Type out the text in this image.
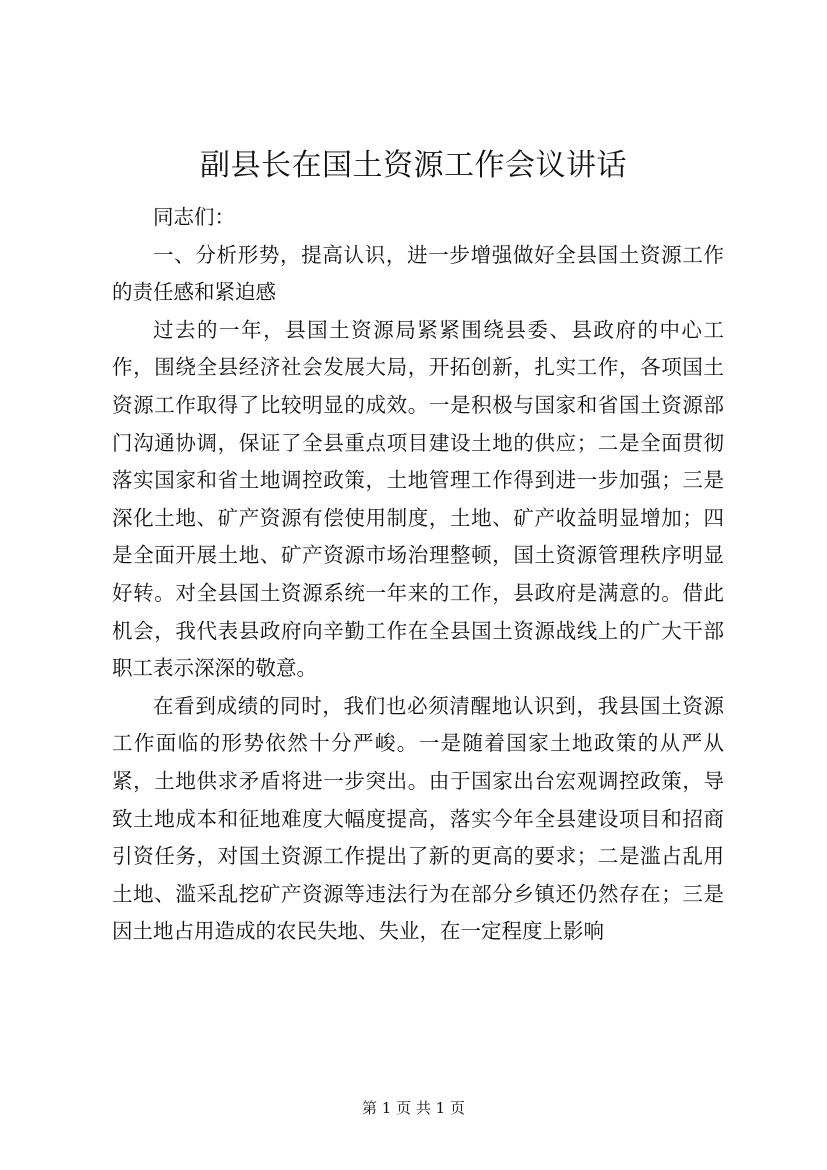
副县长在国土资源工作会议讲话

同志们：

一、分析形势，提高认识，进一步增强做好全县国土资源工作的责任感和紧迫感

过去的一年，县国土资源局紧紧围绕县委、县政府的中心工作，围绕全县经济社会发展大局，开拓创新，扎实工作，各项国土资源工作取得了比较明显的成效。一是积极与国家和省国土资源部门沟通协调，保证了全县重点项目建设土地的供应；二是全面贯彻落实国家和省土地调控政策，土地管理工作得到进一步加强；三是深化土地、矿产资源有偿使用制度，土地、矿产收益明显增加；四是全面开展土地、矿产资源市场治理整顿，国土资源管理秩序明显好转。对全县国土资源系统一年来的工作，县政府是满意的。借此机会，我代表县政府向辛勤工作在全县国土资源战线上的广大干部职工表示深深的敬意。

在看到成绩的同时，我们也必须清醒地认识到，我县国土资源工作面临的形势依然十分严峻。一是随着国家土地政策的从严从紧，土地供求矛盾将进一步突出。由于国家出台宏观调控政策，导致土地成本和征地难度大幅度提高，落实今年全县建设项目和招商引资任务，对国土资源工作提出了新的更高的要求；二是滥占乱用土地、滥采乱挖矿产资源等违法行为在部分乡镇还仍然存在；三是因土地占用造成的农民失地、失业，在一定程度上影响

第 1 页 共 1 页
